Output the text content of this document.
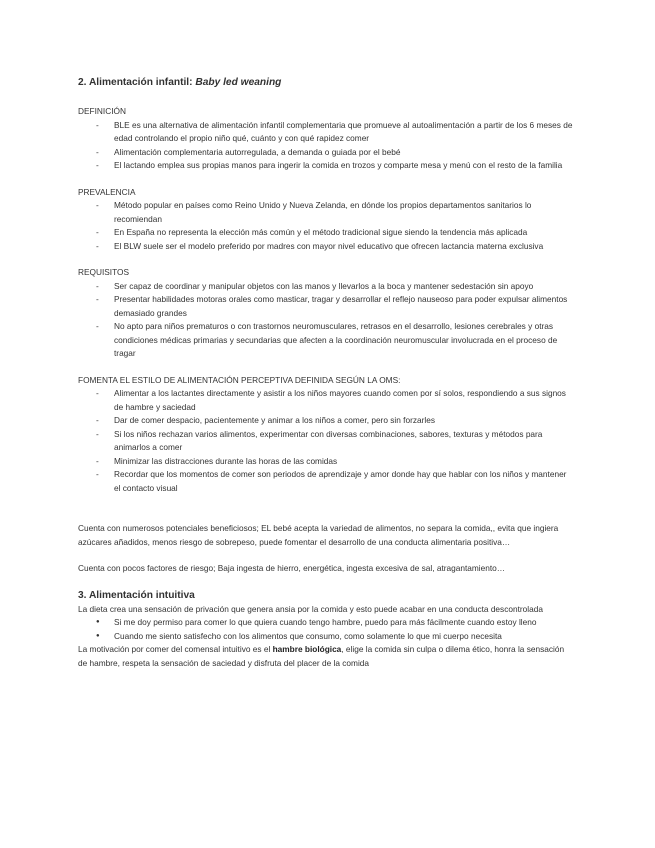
2. Alimentación infantil: Baby led weaning

DEFINICIÓN

- BLE es una alternativa de alimentación infantil complementaria que promueve al autoalimentación a partir de los 6 meses de edad controlando el propio niño qué, cuánto y con qué rapidez comer
- Alimentación complementaria autorregulada, a demanda o guiada por el bebé
- El lactando emplea sus propias manos para ingerir la comida en trozos y comparte mesa y menú con el resto de la familia

PREVALENCIA

- Método popular en países como Reino Unido y Nueva Zelanda, en dónde los propios departamentos sanitarios lo recomiendan
- En España no representa la elección más común y el método tradicional sigue siendo la tendencia más aplicada
- El BLW suele ser el modelo preferido por madres con mayor nivel educativo que ofrecen lactancia materna exclusiva

REQUISITOS

- Ser capaz de coordinar y manipular objetos con las manos y llevarlos a la boca y mantener sedestación sin apoyo
- Presentar habilidades motoras orales como masticar, tragar y desarrollar el reflejo nauseoso para poder expulsar alimentos demasiado grandes
- No apto para niños prematuros o con trastornos neuromusculares, retrasos en el desarrollo, lesiones cerebrales y otras condiciones médicas primarias y secundarias que afecten a la coordinación neuromuscular involucrada en el proceso de tragar

FOMENTA EL ESTILO DE ALIMENTACIÓN PERCEPTIVA DEFINIDA SEGÚN LA OMS:

- Alimentar a los lactantes directamente y asistir a los niños mayores cuando comen por sí solos, respondiendo a sus signos de hambre y saciedad
- Dar de comer despacio, pacientemente y animar a los niños a comer, pero sin forzarles
- Si los niños rechazan varios alimentos, experimentar con diversas combinaciones, sabores, texturas y métodos para animarlos a comer
- Minimizar las distracciones durante las horas de las comidas
- Recordar que los momentos de comer son periodos de aprendizaje y amor donde hay que hablar con los niños y mantener el contacto visual

Cuenta con numerosos potenciales beneficiosos; EL bebé acepta la variedad de alimentos, no separa la comida,, evita que ingiera azúcares añadidos, menos riesgo de sobrepeso, puede fomentar el desarrollo de una conducta alimentaria positiva…

Cuenta con pocos factores de riesgo; Baja ingesta de hierro, energética, ingesta excesiva de sal, atragantamiento…

3. Alimentación intuitiva

La dieta crea una sensación de privación que genera ansia por la comida y esto puede acabar en una conducta descontrolada

● Si me doy permiso para comer lo que quiera cuando tengo hambre, puedo para más fácilmente cuando estoy lleno
● Cuando me siento satisfecho con los alimentos que consumo, como solamente lo que mi cuerpo necesita

La motivación por comer del comensal intuitivo es el hambre biológica, elige la comida sin culpa o dilema ético, honra la sensación de hambre, respeta la sensación de saciedad y disfruta del placer de la comida
